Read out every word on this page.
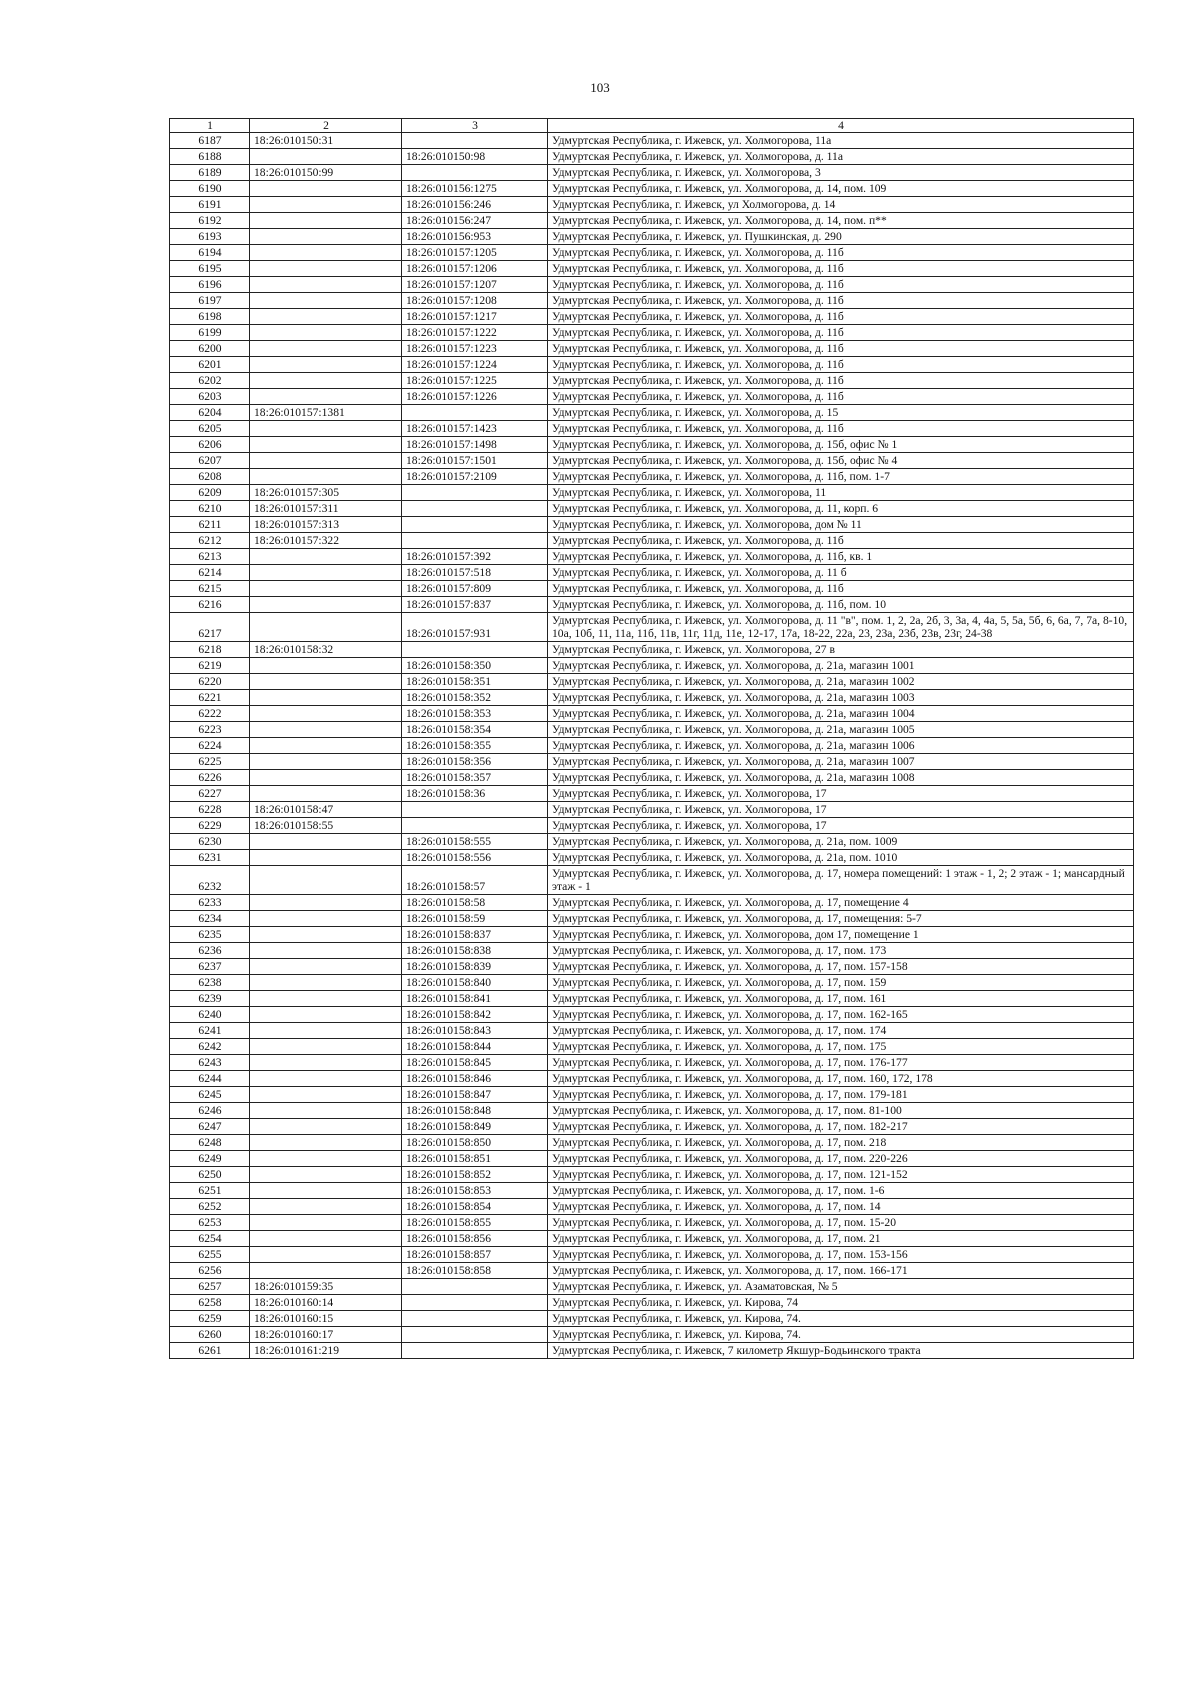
103
1	2	3	4
6187	18:26:010150:31		Удмуртская Республика, г. Ижевск, ул. Холмогорова, 11а
6188		18:26:010150:98	Удмуртская Республика, г. Ижевск, ул. Холмогорова, д. 11а
6189	18:26:010150:99		Удмуртская Республика, г. Ижевск, ул. Холмогорова, 3
6190		18:26:010156:1275	Удмуртская Республика, г. Ижевск, ул. Холмогорова, д. 14, пом. 109
6191		18:26:010156:246	Удмуртская Республика, г. Ижевск, ул Холмогорова, д. 14
6192		18:26:010156:247	Удмуртская Республика, г. Ижевск, ул. Холмогорова, д. 14, пом. п**
6193		18:26:010156:953	Удмуртская Республика, г. Ижевск, ул. Пушкинская, д. 290
6194		18:26:010157:1205	Удмуртская Республика, г. Ижевск, ул. Холмогорова, д. 11б
6195		18:26:010157:1206	Удмуртская Республика, г. Ижевск, ул. Холмогорова, д. 11б
6196		18:26:010157:1207	Удмуртская Республика, г. Ижевск, ул. Холмогорова, д. 11б
6197		18:26:010157:1208	Удмуртская Республика, г. Ижевск, ул. Холмогорова, д. 11б
6198		18:26:010157:1217	Удмуртская Республика, г. Ижевск, ул. Холмогорова, д. 11б
6199		18:26:010157:1222	Удмуртская Республика, г. Ижевск, ул. Холмогорова, д. 11б
6200		18:26:010157:1223	Удмуртская Республика, г. Ижевск, ул. Холмогорова, д. 11б
6201		18:26:010157:1224	Удмуртская Республика, г. Ижевск, ул. Холмогорова, д. 11б
6202		18:26:010157:1225	Удмуртская Республика, г. Ижевск, ул. Холмогорова, д. 11б
6203		18:26:010157:1226	Удмуртская Республика, г. Ижевск, ул. Холмогорова, д. 11б
6204	18:26:010157:1381		Удмуртская Республика, г. Ижевск, ул. Холмогорова, д. 15
6205		18:26:010157:1423	Удмуртская Республика, г. Ижевск, ул. Холмогорова, д. 11б
6206		18:26:010157:1498	Удмуртская Республика, г. Ижевск, ул. Холмогорова, д. 15б, офис № 1
6207		18:26:010157:1501	Удмуртская Республика, г. Ижевск, ул. Холмогорова, д. 15б, офис № 4
6208		18:26:010157:2109	Удмуртская Республика, г. Ижевск, ул. Холмогорова, д. 11б, пом. 1-7
6209	18:26:010157:305		Удмуртская Республика, г. Ижевск, ул. Холмогорова, 11
6210	18:26:010157:311		Удмуртская Республика, г. Ижевск, ул. Холмогорова, д. 11, корп. 6
6211	18:26:010157:313		Удмуртская Республика, г. Ижевск, ул. Холмогорова, дом № 11
6212	18:26:010157:322		Удмуртская Республика, г. Ижевск, ул. Холмогорова, д. 11б
6213		18:26:010157:392	Удмуртская Республика, г. Ижевск, ул. Холмогорова, д. 11б, кв. 1
6214		18:26:010157:518	Удмуртская Республика, г. Ижевск, ул. Холмогорова, д. 11 б
6215		18:26:010157:809	Удмуртская Республика, г. Ижевск, ул. Холмогорова, д. 11б
6216		18:26:010157:837	Удмуртская Республика, г. Ижевск, ул. Холмогорова, д. 11б, пом. 10
6217		18:26:010157:931	Удмуртская Республика, г. Ижевск, ул. Холмогорова, д. 11 "в", пом. 1, 2, 2а, 2б, 3, 3а, 4, 4а, 5, 5а, 5б, 6, 6а, 7, 7а, 8-10, 10а, 10б, 11, 11а, 11б, 11в, 11г, 11д, 11е, 12-17, 17а, 18-22, 22а, 23, 23а, 23б, 23в, 23г, 24-38
6218	18:26:010158:32		Удмуртская Республика, г. Ижевск, ул. Холмогорова, 27 в
6219		18:26:010158:350	Удмуртская Республика, г. Ижевск, ул. Холмогорова, д. 21а, магазин 1001
6220		18:26:010158:351	Удмуртская Республика, г. Ижевск, ул. Холмогорова, д. 21а, магазин 1002
6221		18:26:010158:352	Удмуртская Республика, г. Ижевск, ул. Холмогорова, д. 21а, магазин 1003
6222		18:26:010158:353	Удмуртская Республика, г. Ижевск, ул. Холмогорова, д. 21а, магазин 1004
6223		18:26:010158:354	Удмуртская Республика, г. Ижевск, ул. Холмогорова, д. 21а, магазин 1005
6224		18:26:010158:355	Удмуртская Республика, г. Ижевск, ул. Холмогорова, д. 21а, магазин 1006
6225		18:26:010158:356	Удмуртская Республика, г. Ижевск, ул. Холмогорова, д. 21а, магазин 1007
6226		18:26:010158:357	Удмуртская Республика, г. Ижевск, ул. Холмогорова, д. 21а, магазин 1008
6227		18:26:010158:36	Удмуртская Республика, г. Ижевск, ул. Холмогорова, 17
6228	18:26:010158:47		Удмуртская Республика, г. Ижевск, ул. Холмогорова, 17
6229	18:26:010158:55		Удмуртская Республика, г. Ижевск, ул. Холмогорова, 17
6230		18:26:010158:555	Удмуртская Республика, г. Ижевск, ул. Холмогорова, д. 21а, пом. 1009
6231		18:26:010158:556	Удмуртская Республика, г. Ижевск, ул. Холмогорова, д. 21а, пом. 1010
6232		18:26:010158:57	Удмуртская Республика, г. Ижевск, ул. Холмогорова, д. 17, номера помещений: 1 этаж - 1, 2; 2 этаж - 1; мансардный этаж - 1
6233		18:26:010158:58	Удмуртская Республика, г. Ижевск, ул. Холмогорова, д. 17, помещение 4
6234		18:26:010158:59	Удмуртская Республика, г. Ижевск, ул. Холмогорова, д. 17, помещения: 5-7
6235		18:26:010158:837	Удмуртская Республика, г. Ижевск, ул. Холмогорова, дом 17, помещение 1
6236		18:26:010158:838	Удмуртская Республика, г. Ижевск, ул. Холмогорова, д. 17, пом. 173
6237		18:26:010158:839	Удмуртская Республика, г. Ижевск, ул. Холмогорова, д. 17, пом. 157-158
6238		18:26:010158:840	Удмуртская Республика, г. Ижевск, ул. Холмогорова, д. 17, пом. 159
6239		18:26:010158:841	Удмуртская Республика, г. Ижевск, ул. Холмогорова, д. 17, пом. 161
6240		18:26:010158:842	Удмуртская Республика, г. Ижевск, ул. Холмогорова, д. 17, пом. 162-165
6241		18:26:010158:843	Удмуртская Республика, г. Ижевск, ул. Холмогорова, д. 17, пом. 174
6242		18:26:010158:844	Удмуртская Республика, г. Ижевск, ул. Холмогорова, д. 17, пом. 175
6243		18:26:010158:845	Удмуртская Республика, г. Ижевск, ул. Холмогорова, д. 17, пом. 176-177
6244		18:26:010158:846	Удмуртская Республика, г. Ижевск, ул. Холмогорова, д. 17, пом. 160, 172, 178
6245		18:26:010158:847	Удмуртская Республика, г. Ижевск, ул. Холмогорова, д. 17, пом. 179-181
6246		18:26:010158:848	Удмуртская Республика, г. Ижевск, ул. Холмогорова, д. 17, пом. 81-100
6247		18:26:010158:849	Удмуртская Республика, г. Ижевск, ул. Холмогорова, д. 17, пом. 182-217
6248		18:26:010158:850	Удмуртская Республика, г. Ижевск, ул. Холмогорова, д. 17, пом. 218
6249		18:26:010158:851	Удмуртская Республика, г. Ижевск, ул. Холмогорова, д. 17, пом. 220-226
6250		18:26:010158:852	Удмуртская Республика, г. Ижевск, ул. Холмогорова, д. 17, пом. 121-152
6251		18:26:010158:853	Удмуртская Республика, г. Ижевск, ул. Холмогорова, д. 17, пом. 1-6
6252		18:26:010158:854	Удмуртская Республика, г. Ижевск, ул. Холмогорова, д. 17, пом. 14
6253		18:26:010158:855	Удмуртская Республика, г. Ижевск, ул. Холмогорова, д. 17, пом. 15-20
6254		18:26:010158:856	Удмуртская Республика, г. Ижевск, ул. Холмогорова, д. 17, пом. 21
6255		18:26:010158:857	Удмуртская Республика, г. Ижевск, ул. Холмогорова, д. 17, пом. 153-156
6256		18:26:010158:858	Удмуртская Республика, г. Ижевск, ул. Холмогорова, д. 17, пом. 166-171
6257	18:26:010159:35		Удмуртская Республика, г. Ижевск, ул. Азаматовская, № 5
6258	18:26:010160:14		Удмуртская Республика, г. Ижевск, ул. Кирова, 74
6259	18:26:010160:15		Удмуртская Республика, г. Ижевск, ул. Кирова, 74.
6260	18:26:010160:17		Удмуртская Республика, г. Ижевск, ул. Кирова, 74.
6261	18:26:010161:219		Удмуртская Республика, г. Ижевск, 7 километр Якшур-Бодьинского тракта
